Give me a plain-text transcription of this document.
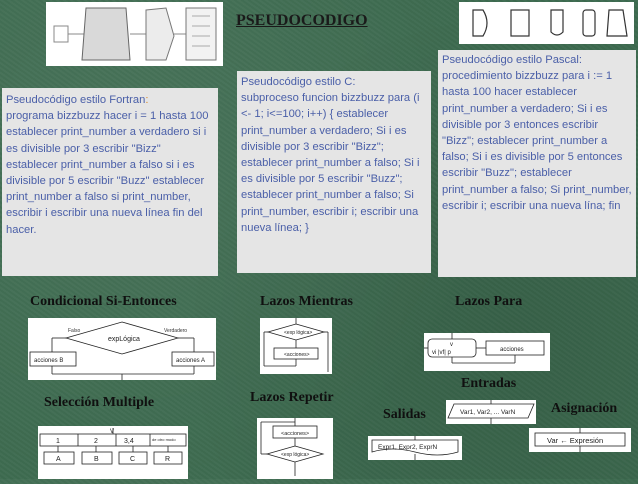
PSEUDOCODIGO
Pseudocódigo estilo Fortran:
programa bizzbuzz hacer i = 1 hasta 100 establecer print_number a verdadero si i es divisible por 3 escribir "Bizz" establecer print_number a falso si i es divisible por 5 escribir "Buzz" establecer print_number a falso si print_number, escribir i escribir una nueva línea fin del hacer.
Pseudocódigo estilo C:
subproceso funcion bizzbuzz para (i <- 1; i<=100; i++) { establecer print_number a verdadero; Si i es divisible por 3 escribir "Bizz"; establecer print_number a falso; Si i es divisible por 5 escribir "Buzz"; establecer print_number a falso; Si print_number, escribir i; escribir una nueva línea; }
Pseudocódigo estilo Pascal:
procedimiento bizzbuzz para i := 1 hasta 100 hacer establecer print_number a verdadero; Si i es divisible por 3 entonces escribir "Bizz"; establecer print_number a falso; Si i es divisible por 5 entonces escribir "Buzz"; establecer print_number a falso; Si print_number, escribir i; escribir una nueva lína; fin
Condicional Si-Entonces	Lazos Mientras	Lazos Para
Selección Multiple	Lazos Repetir
Entradas
Salidas	Asignación
Falso	Verdadero
expLógica
acciones B	acciones A
<exp lógica>
<acciones>
v
vi |vf| p	acciones
V
1	2	3,4	de otro modo
A	B	C	R
<acciones>
<exp lógica>
Var1, Var2, ... VarN
Expr1, Expr2, ExprN
Var ← Expresión
